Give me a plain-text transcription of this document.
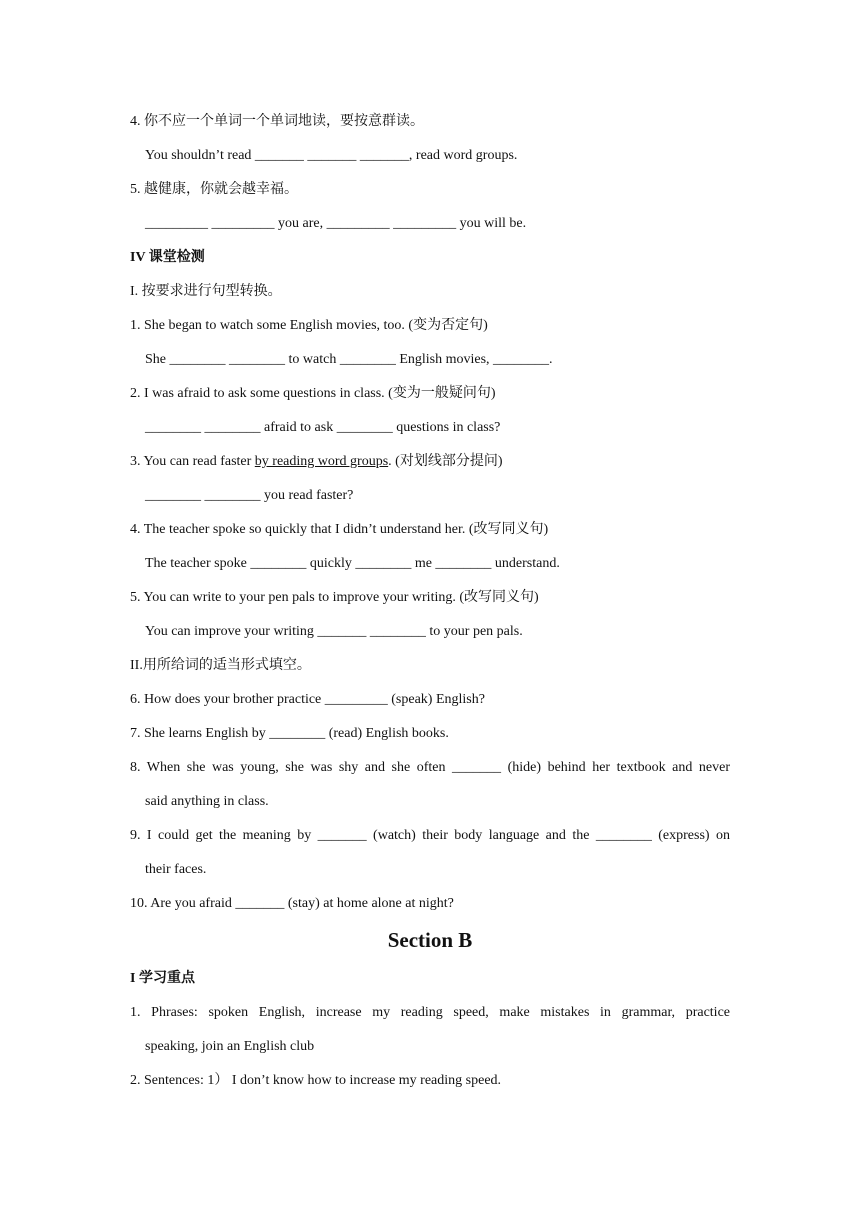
4. 你不应一个单词一个单词地读，要按意群读。
You shouldn’t read _______ _______ _______, read word groups.
5. 越健康，你就会越幸福。
_________ _________ you are, _________ _________ you will be.
IV 课堂检测
I. 按要求进行句型转换。
1. She began to watch some English movies, too. (变为否定句)
She ________ ________ to watch ________ English movies, ________.
2. I was afraid to ask some questions in class. (变为一般疑问句)
________ ________ afraid to ask ________ questions in class?
3. You can read faster by reading word groups. (对划线部分提问)
________ ________ you read faster?
4. The teacher spoke so quickly that I didn’t understand her. (改写同义句)
The teacher spoke ________ quickly ________ me ________ understand.
5. You can write to your pen pals to improve your writing. (改写同义句)
You can improve your writing _______ ________ to your pen pals.
II.用所给词的适当形式填空。
6. How does your brother practice _________ (speak) English?
7. She learns English by ________ (read) English books.
8. When she was young, she was shy and she often _______ (hide) behind her textbook and never
said anything in class.
9. I could get the meaning by _______ (watch) their body language and the ________ (express) on
their faces.
10. Are you afraid _______ (stay) at home alone at night?
Section B
I 学习重点
1. Phrases: spoken English, increase my reading speed, make mistakes in grammar, practice
speaking, join an English club
2. Sentences: 1） I don’t know how to increase my reading speed.
